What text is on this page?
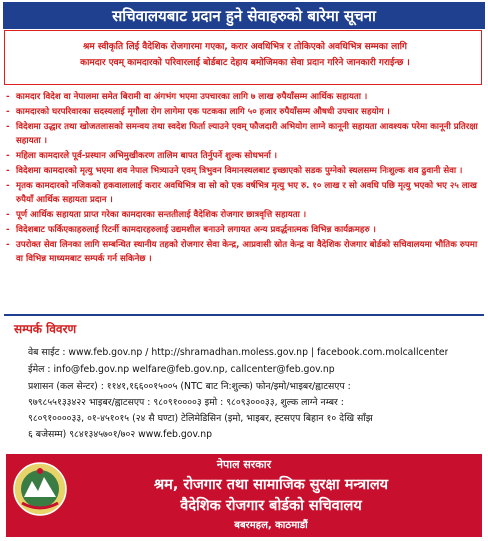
सचिवालयबाट प्रदान हुने सेवाहरुको बारेमा सूचना

श्रम स्वीकृति लिई वैदेशिक रोजगारमा गएका, करार अवधिभित्र र तोकिएको अवधिभित्र सम्मका लागि

कामदार एवम् कामदारको परिवारलाई बोर्डबाट देहाय बमोजिमका सेवा प्रदान गरिने जानकारी गराईन्छ ।

- कामदार विदेश वा नेपालमा समेत बिरामी वा अंगभंग भएमा उपचारका लागि ७ लाख रुपैयाँसम्म आर्थिक सहायता ।
- कामदारको घरपरिवारका सदस्यलाई मृगौला रोग लागेमा एक पटकका लागि ५० हजार रुपैयाँसम्म औषधी उपचार सहयोग ।
- विदेशमा उद्धार तथा खोजतलासको समन्वय तथा स्वदेश फिर्ता ल्याउने एवम् फौजदारी अभियोग लाग्ने कानूनी सहायता आवश्यक परेमा कानूनी प्रतिरक्षा सहायता ।
- महिला कामदारले पूर्व-प्रस्थान अभिमुखीकरण तालिम बापत तिर्नुपर्ने शुल्क सोधभर्ना ।
- विदेशमा कामदारको मृत्यु भएमा शव नेपाल भित्र्याउने एवम् त्रिभुवन विमानस्थलबाट इच्छाएको सडक पुग्नेको स्थलसम्म निःशुल्क शव ढुवानी सेवा ।
- मृतक कामदारको नजिकको हकवालालाई करार अवधिभित्र वा सो को एक वर्षभित्र मृत्यु भए रु. १० लाख र सो अवधि पछि मृत्यु भएको भए २५ लाख रुपैयाँ आर्थिक सहायता प्रदान ।
- पूर्ण आर्थिक सहायता प्राप्त गरेका कामदारका सन्ततीलाई वैदेशिक रोजगार छात्रवृत्ति सहायता ।
- विदेशबाट फर्किएकाहरुलाई रिटर्नी कामदारहरुलाई उद्यमशील बनाउने लगायत अन्य प्रवर्द्धनात्मक विभिन्न कार्यक्रमहरु ।
- उपरोक्त सेवा लिनका लागि सम्बन्धित स्थानीय तहको रोजगार सेवा केन्द्र, आप्रवासी स्रोत केन्द्र वा वैदेशिक रोजगार बोर्डको सचिवालयमा भौतिक रुपमा वा विभिन्न माध्यमबाट सम्पर्क गर्न सकिनेछ ।
सम्पर्क विवरण
वेब साईट : www.feb.gov.np / http://shramadhan.moless.gov.np | facebook.com.molcallcenter
ईमेल : info@feb.gov.np welfare@feb.gov.np, callcenter@feb.gov.np
प्रशासन (कल सेन्टर) : ११४१,१६६००१५००५ (NTC बाट नि:शुल्क) फोन/इमो/भाइबर/ह्वाटसएप :
९७९८५५१३३४२२ भाइबर/ह्वाटसएप : ९८०९१००००३ इमो : ९८०९३०००३३, शुल्क लाग्ने नम्बर :
९८०९१००००३३, ०१-४५१०१५ (२४ सै घण्टा) टेलिमेडिसिन (इमो, भाइबर, ह्टसएप बिहान १० देखि साँझ
६ बजेसम्म) ९८४१३४५७०१/७०२ www.feb.gov.np
नेपाल सरकार
श्रम, रोजगार तथा सामाजिक सुरक्षा मन्त्रालय
वैदेशिक रोजगार बोर्डको सचिवालय
बबरमहल, काठमाडौं
